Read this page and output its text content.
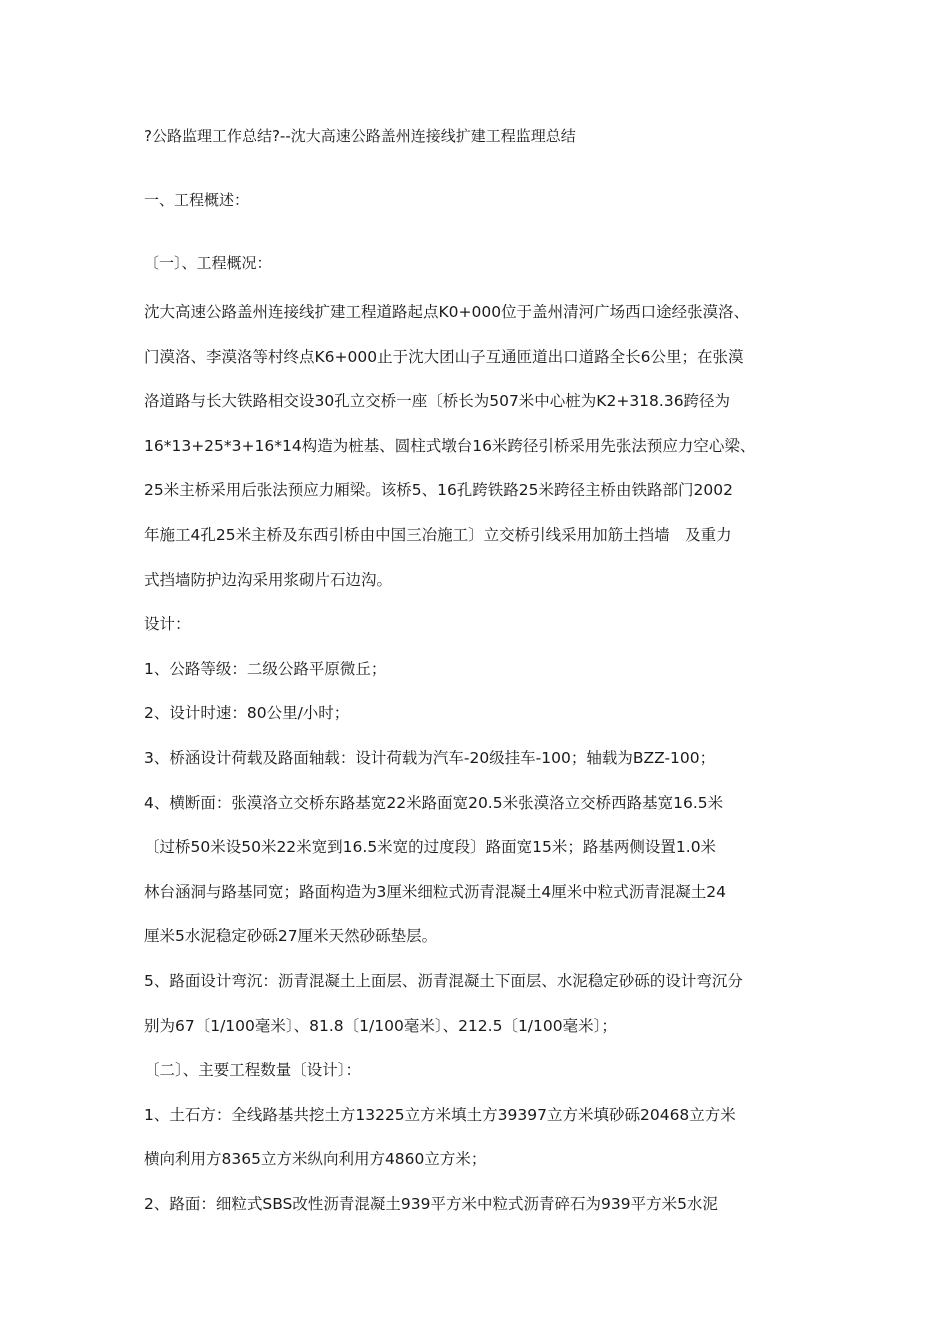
?公路监理工作总结?--沈大高速公路盖州连接线扩建工程监理总结
一、工程概述：
〔一〕、工程概况：
沈大高速公路盖州连接线扩建工程道路起点K0+000位于盖州清河广场西口途经张漠洛、
门漠洛、李漠洛等村终点K6+000止于沈大团山子互通匝道出口道路全长6公里；在张漠
洛道路与长大铁路相交设30孔立交桥一座〔桥长为507米中心桩为K2+318.36跨径为
16*13+25*3+16*14构造为桩基、圆柱式墩台16米跨径引桥采用先张法预应力空心梁、
25米主桥采用后张法预应力厢梁。该桥5、16孔跨铁路25米跨径主桥由铁路部门2002
年施工4孔25米主桥及东西引桥由中国三冶施工〕立交桥引线采用加筋土挡墙　及重力
式挡墙防护边沟采用浆砌片石边沟。
设计：
1、公路等级：二级公路平原微丘；
2、设计时速：80公里/小时；
3、桥涵设计荷载及路面轴载：设计荷载为汽车-20级挂车-100；轴载为BZZ-100；
4、横断面：张漠洛立交桥东路基宽22米路面宽20.5米张漠洛立交桥西路基宽16.5米
〔过桥50米设50米22米宽到16.5米宽的过度段〕路面宽15米；路基两侧设置1.0米
林台涵洞与路基同宽；路面构造为3厘米细粒式沥青混凝土4厘米中粒式沥青混凝土24
厘米5水泥稳定砂砾27厘米天然砂砾垫层。
5、路面设计弯沉：沥青混凝土上面层、沥青混凝土下面层、水泥稳定砂砾的设计弯沉分
别为67〔1/100毫米〕、81.8〔1/100毫米〕、212.5〔1/100毫米〕；
〔二〕、主要工程数量〔设计〕：
1、土石方：全线路基共挖土方13225立方米填土方39397立方米填砂砾20468立方米
横向利用方8365立方米纵向利用方4860立方米；
2、路面：细粒式SBS改性沥青混凝土939平方米中粒式沥青碎石为939平方米5水泥
